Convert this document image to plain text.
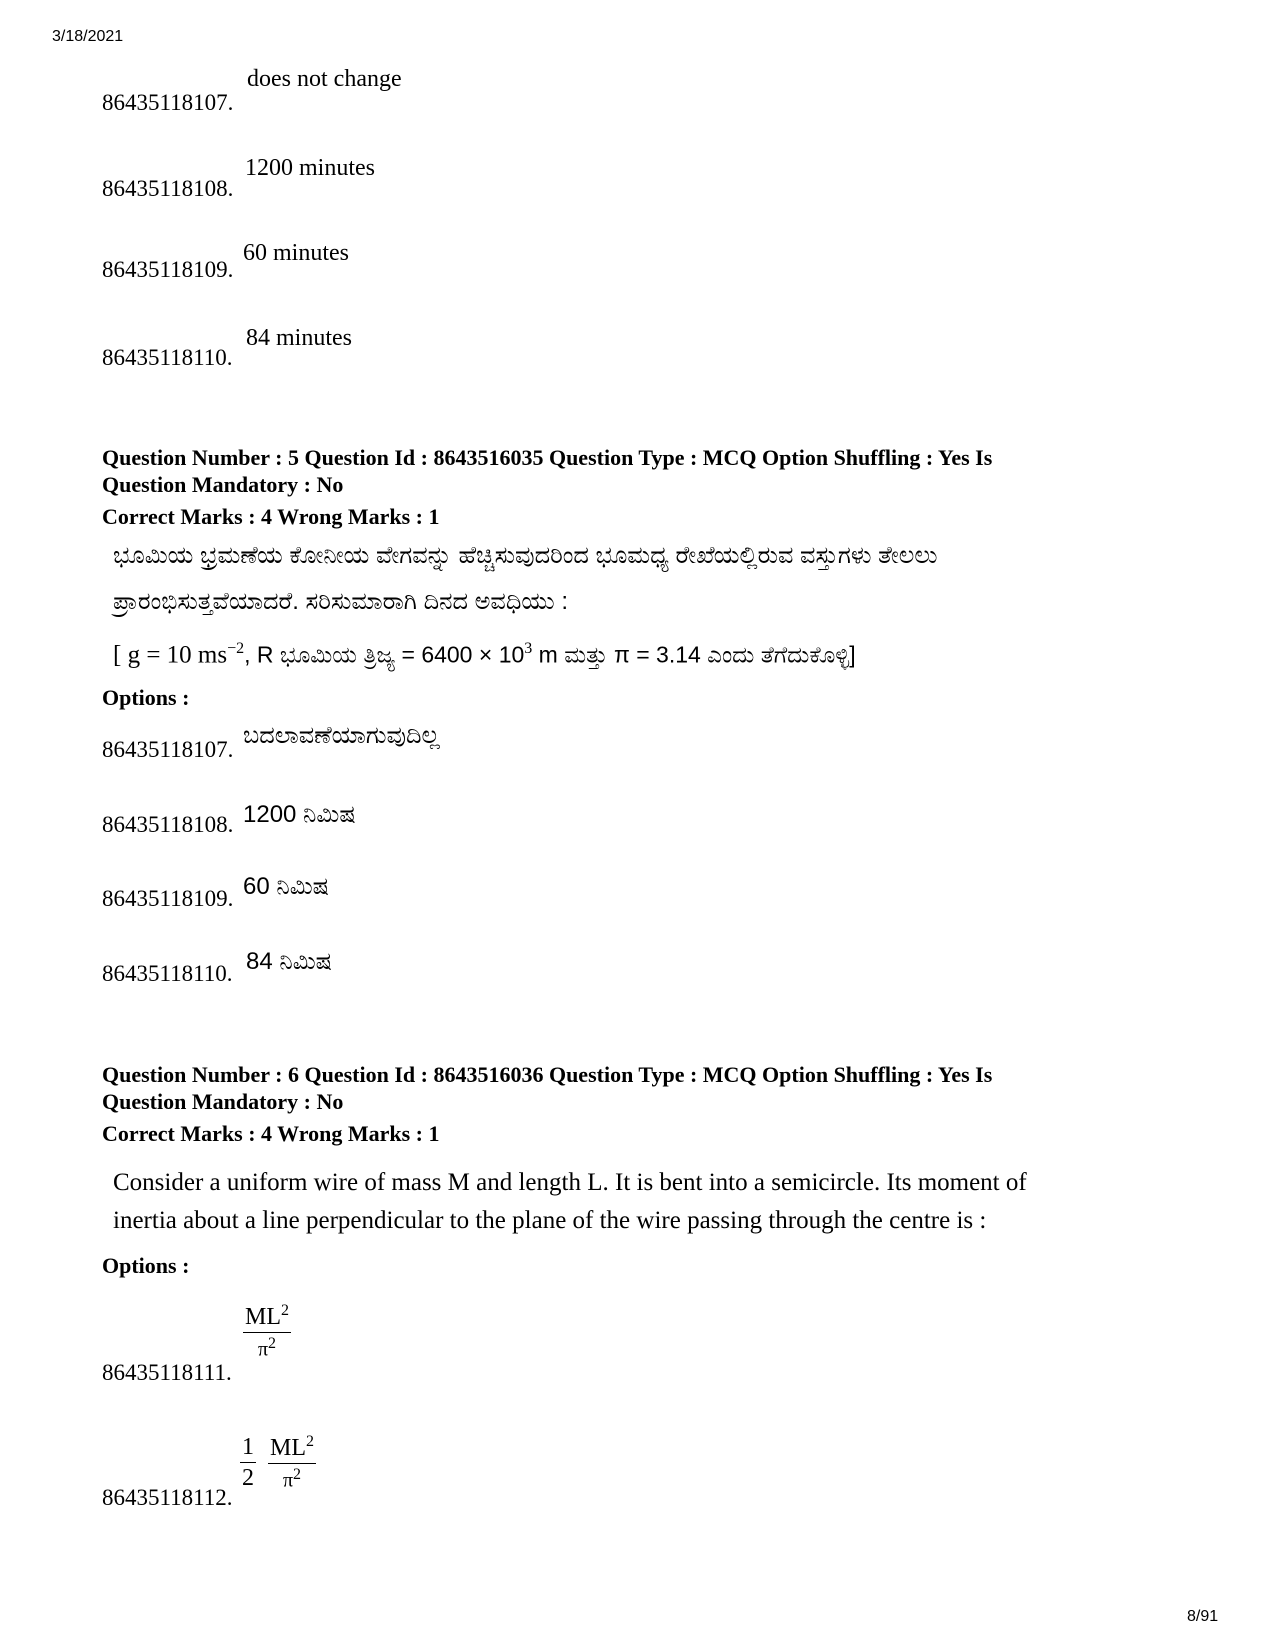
3/18/2021
8/91
does not change
86435118107.
1200 minutes
86435118108.
60 minutes
86435118109.
84 minutes
86435118110.
Question Number : 5 Question Id : 8643516035 Question Type : MCQ Option Shuffling : Yes Is
Question Mandatory : No
Correct Marks : 4 Wrong Marks : 1
ಭೂಮಿಯ ಭ್ರಮಣೆಯ ಕೋನೀಯ ವೇಗವನ್ನು ಹೆಚ್ಚಿಸುವುದರಿಂದ ಭೂಮಧ್ಯ ರೇಖೆಯಲ್ಲಿರುವ ವಸ್ತುಗಳು ತೇಲಲು
ಪ್ರಾರಂಭಿಸುತ್ತವೆಯಾದರೆ. ಸರಿಸುಮಾರಾಗಿ ದಿನದ ಅವಧಿಯು :
[ g = 10 $ms^{-2}$, R ಭೂಮಿಯ ತ್ರಿಜ್ಯ = $6400 \times 10^3$ m ಮತ್ತು π = 3.14 ಎಂದು ತೆಗೆದುಕೊಳ್ಳಿ]
Options :
ಬದಲಾವಣೆಯಾಗುವುದಿಲ್ಲ
86435118107.
1200 ನಿಮಿಷ
86435118108.
60 ನಿಮಿಷ
86435118109.
84 ನಿಮಿಷ
86435118110.
Question Number : 6 Question Id : 8643516036 Question Type : MCQ Option Shuffling : Yes Is
Question Mandatory : No
Correct Marks : 4 Wrong Marks : 1
Consider a uniform wire of mass M and length L. It is bent into a semicircle. Its moment of
inertia about a line perpendicular to the plane of the wire passing through the centre is :
Options :
$\frac{ML^2}{\pi^2}$
86435118111.
$\frac{1}{2} \frac{ML^2}{\pi^2}$
86435118112.
